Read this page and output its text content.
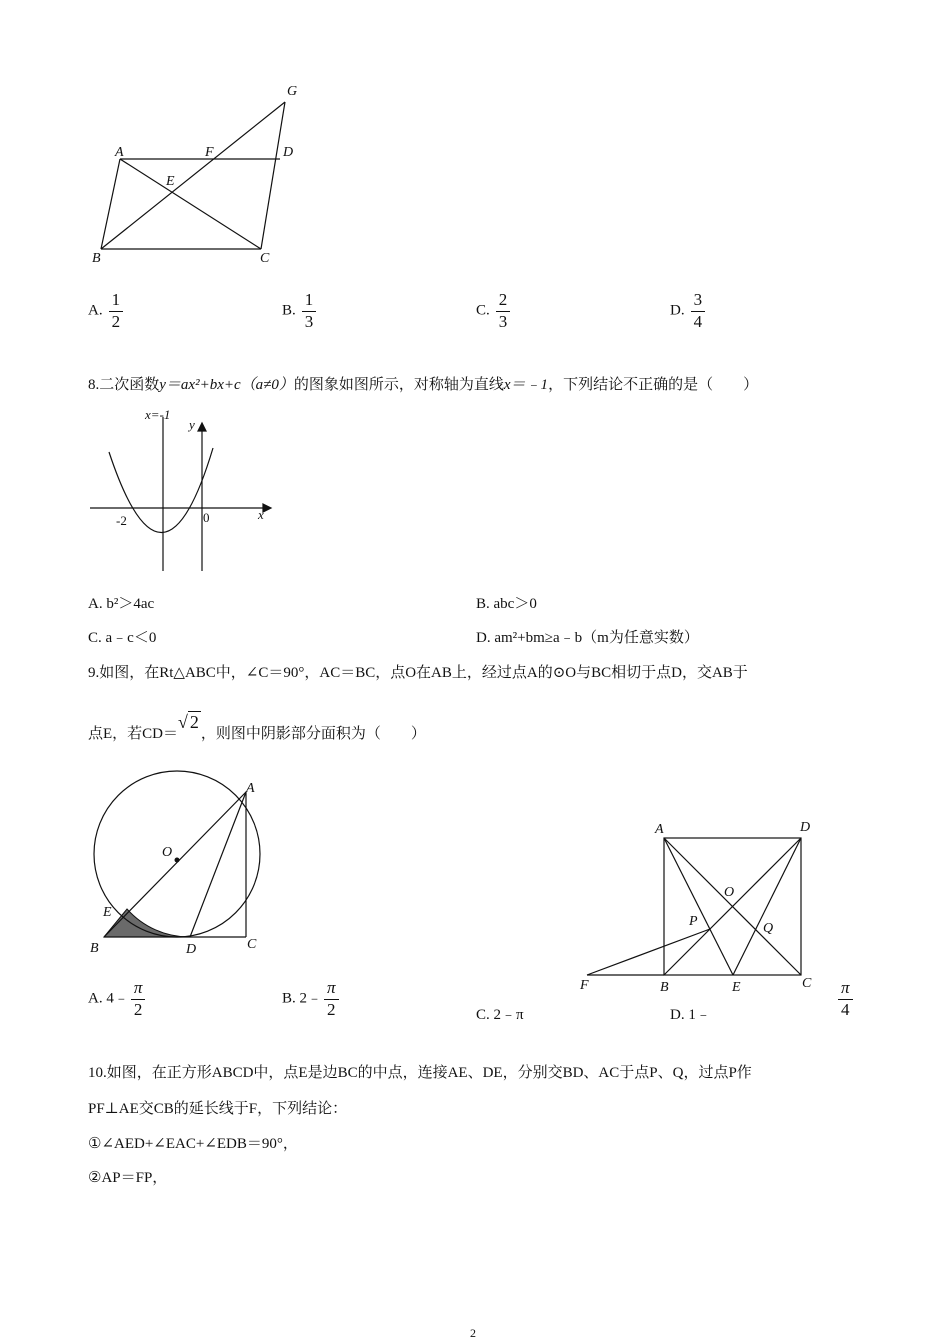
A	F	D
G
E
B	C
A. $\frac{1}{2}$	B. $\frac{1}{3}$	C. $\frac{2}{3}$	D. $\frac{3}{4}$
8.二次函数y＝ax²+bx+c（a≠0）的图象如图所示，对称轴为直线x＝﹣1，下列结论不正确的是（　　）
x=-1
y
x
-2	0
A. b²＞4ac	B. abc＞0
C. a﹣c＜0	D. am²+bm≥a﹣b（m为任意实数）
9.如图，在Rt△ABC中，∠C＝90°，AC＝BC，点O在AB上，经过点A的⊙O与BC相切于点D，交AB于
点E，若CD＝√ 2，则图中阴影部分面积为（　　）
A
O
E
B	D	C
A	D
O
P	Q
F	B	E	C
A. 4﹣ $\frac{\pi}{2}$	B. 2﹣ $\frac{\pi}{2}$	C. 2﹣π	D. 1﹣	$\frac{\pi}{4}$
10.如图，在正方形ABCD中，点E是边BC的中点，连接AE、DE，分别交BD、AC于点P、Q，过点P作
PF⊥AE交CB的延长线于F，下列结论：
①∠AED+∠EAC+∠EDB＝90°，
②AP＝FP，
2
